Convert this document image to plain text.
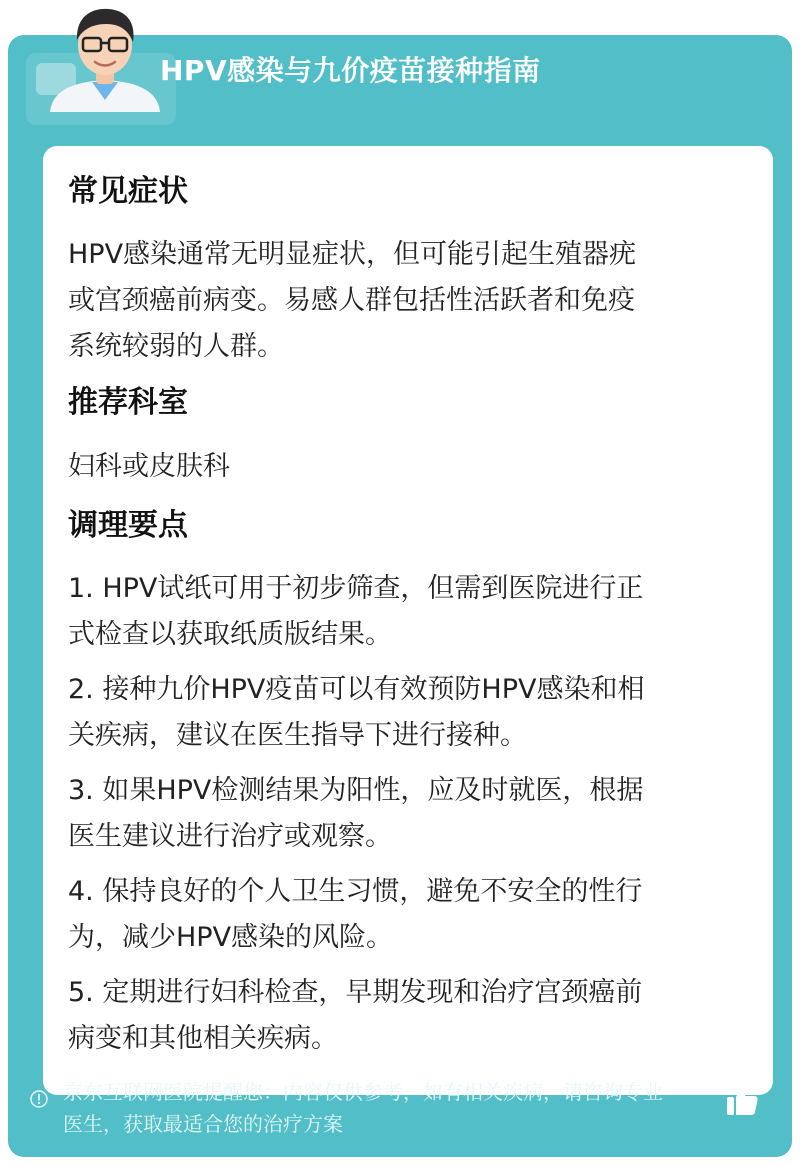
HPV感染与九价疫苗接种指南
常见症状
HPV感染通常无明显症状，但可能引起生殖器疣
或宫颈癌前病变。易感人群包括性活跃者和免疫
系统较弱的人群。
推荐科室
妇科或皮肤科
调理要点
1. HPV试纸可用于初步筛查，但需到医院进行正
式检查以获取纸质版结果。
2. 接种九价HPV疫苗可以有效预防HPV感染和相
关疾病，建议在医生指导下进行接种。
3. 如果HPV检测结果为阳性，应及时就医，根据
医生建议进行治疗或观察。
4. 保持良好的个人卫生习惯，避免不安全的性行
为，减少HPV感染的风险。
5. 定期进行妇科检查，早期发现和治疗宫颈癌前
病变和其他相关疾病。
京东互联网医院提醒您：内容仅供参考，如有相关疾病，请咨询专业
医生，获取最适合您的治疗方案
